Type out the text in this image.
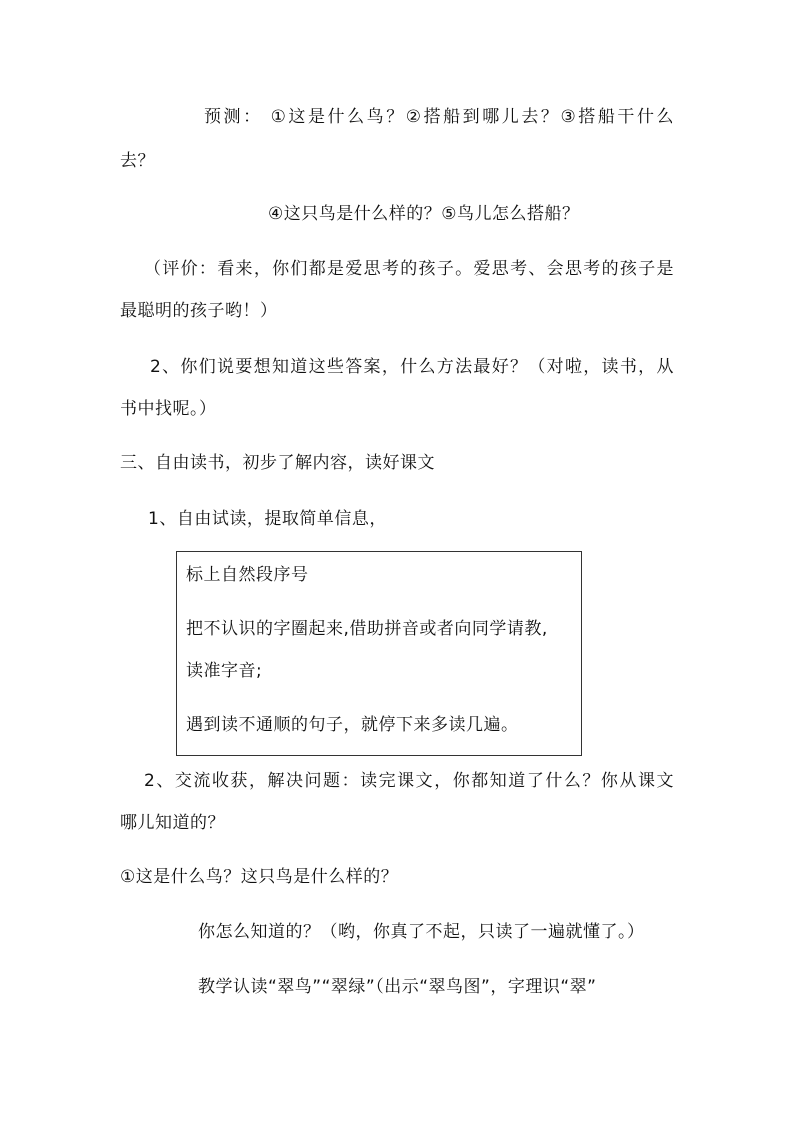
预测： ①这是什么鸟？②搭船到哪儿去？③搭船干什么
去？
④这只鸟是什么样的？⑤鸟儿怎么搭船？
（评价：看来，你们都是爱思考的孩子。爱思考、会思考的孩子是
最聪明的孩子哟！）
2、你们说要想知道这些答案，什么方法最好？（对啦，读书，从
书中找呢。）
三、自由读书，初步了解内容，读好课文
1、自由试读，提取简单信息，
标上自然段序号
把不认识的字圈起来,借助拼音或者向同学请教,
读准字音;
遇到读不通顺的句子，就停下来多读几遍。
2、交流收获，解决问题：读完课文，你都知道了什么？你从课文
哪儿知道的？
①这是什么鸟？这只鸟是什么样的？
你怎么知道的？（哟，你真了不起，只读了一遍就懂了。）
教学认读“翠鸟”“翠绿”（出示“翠鸟图”，字理识“翠”
